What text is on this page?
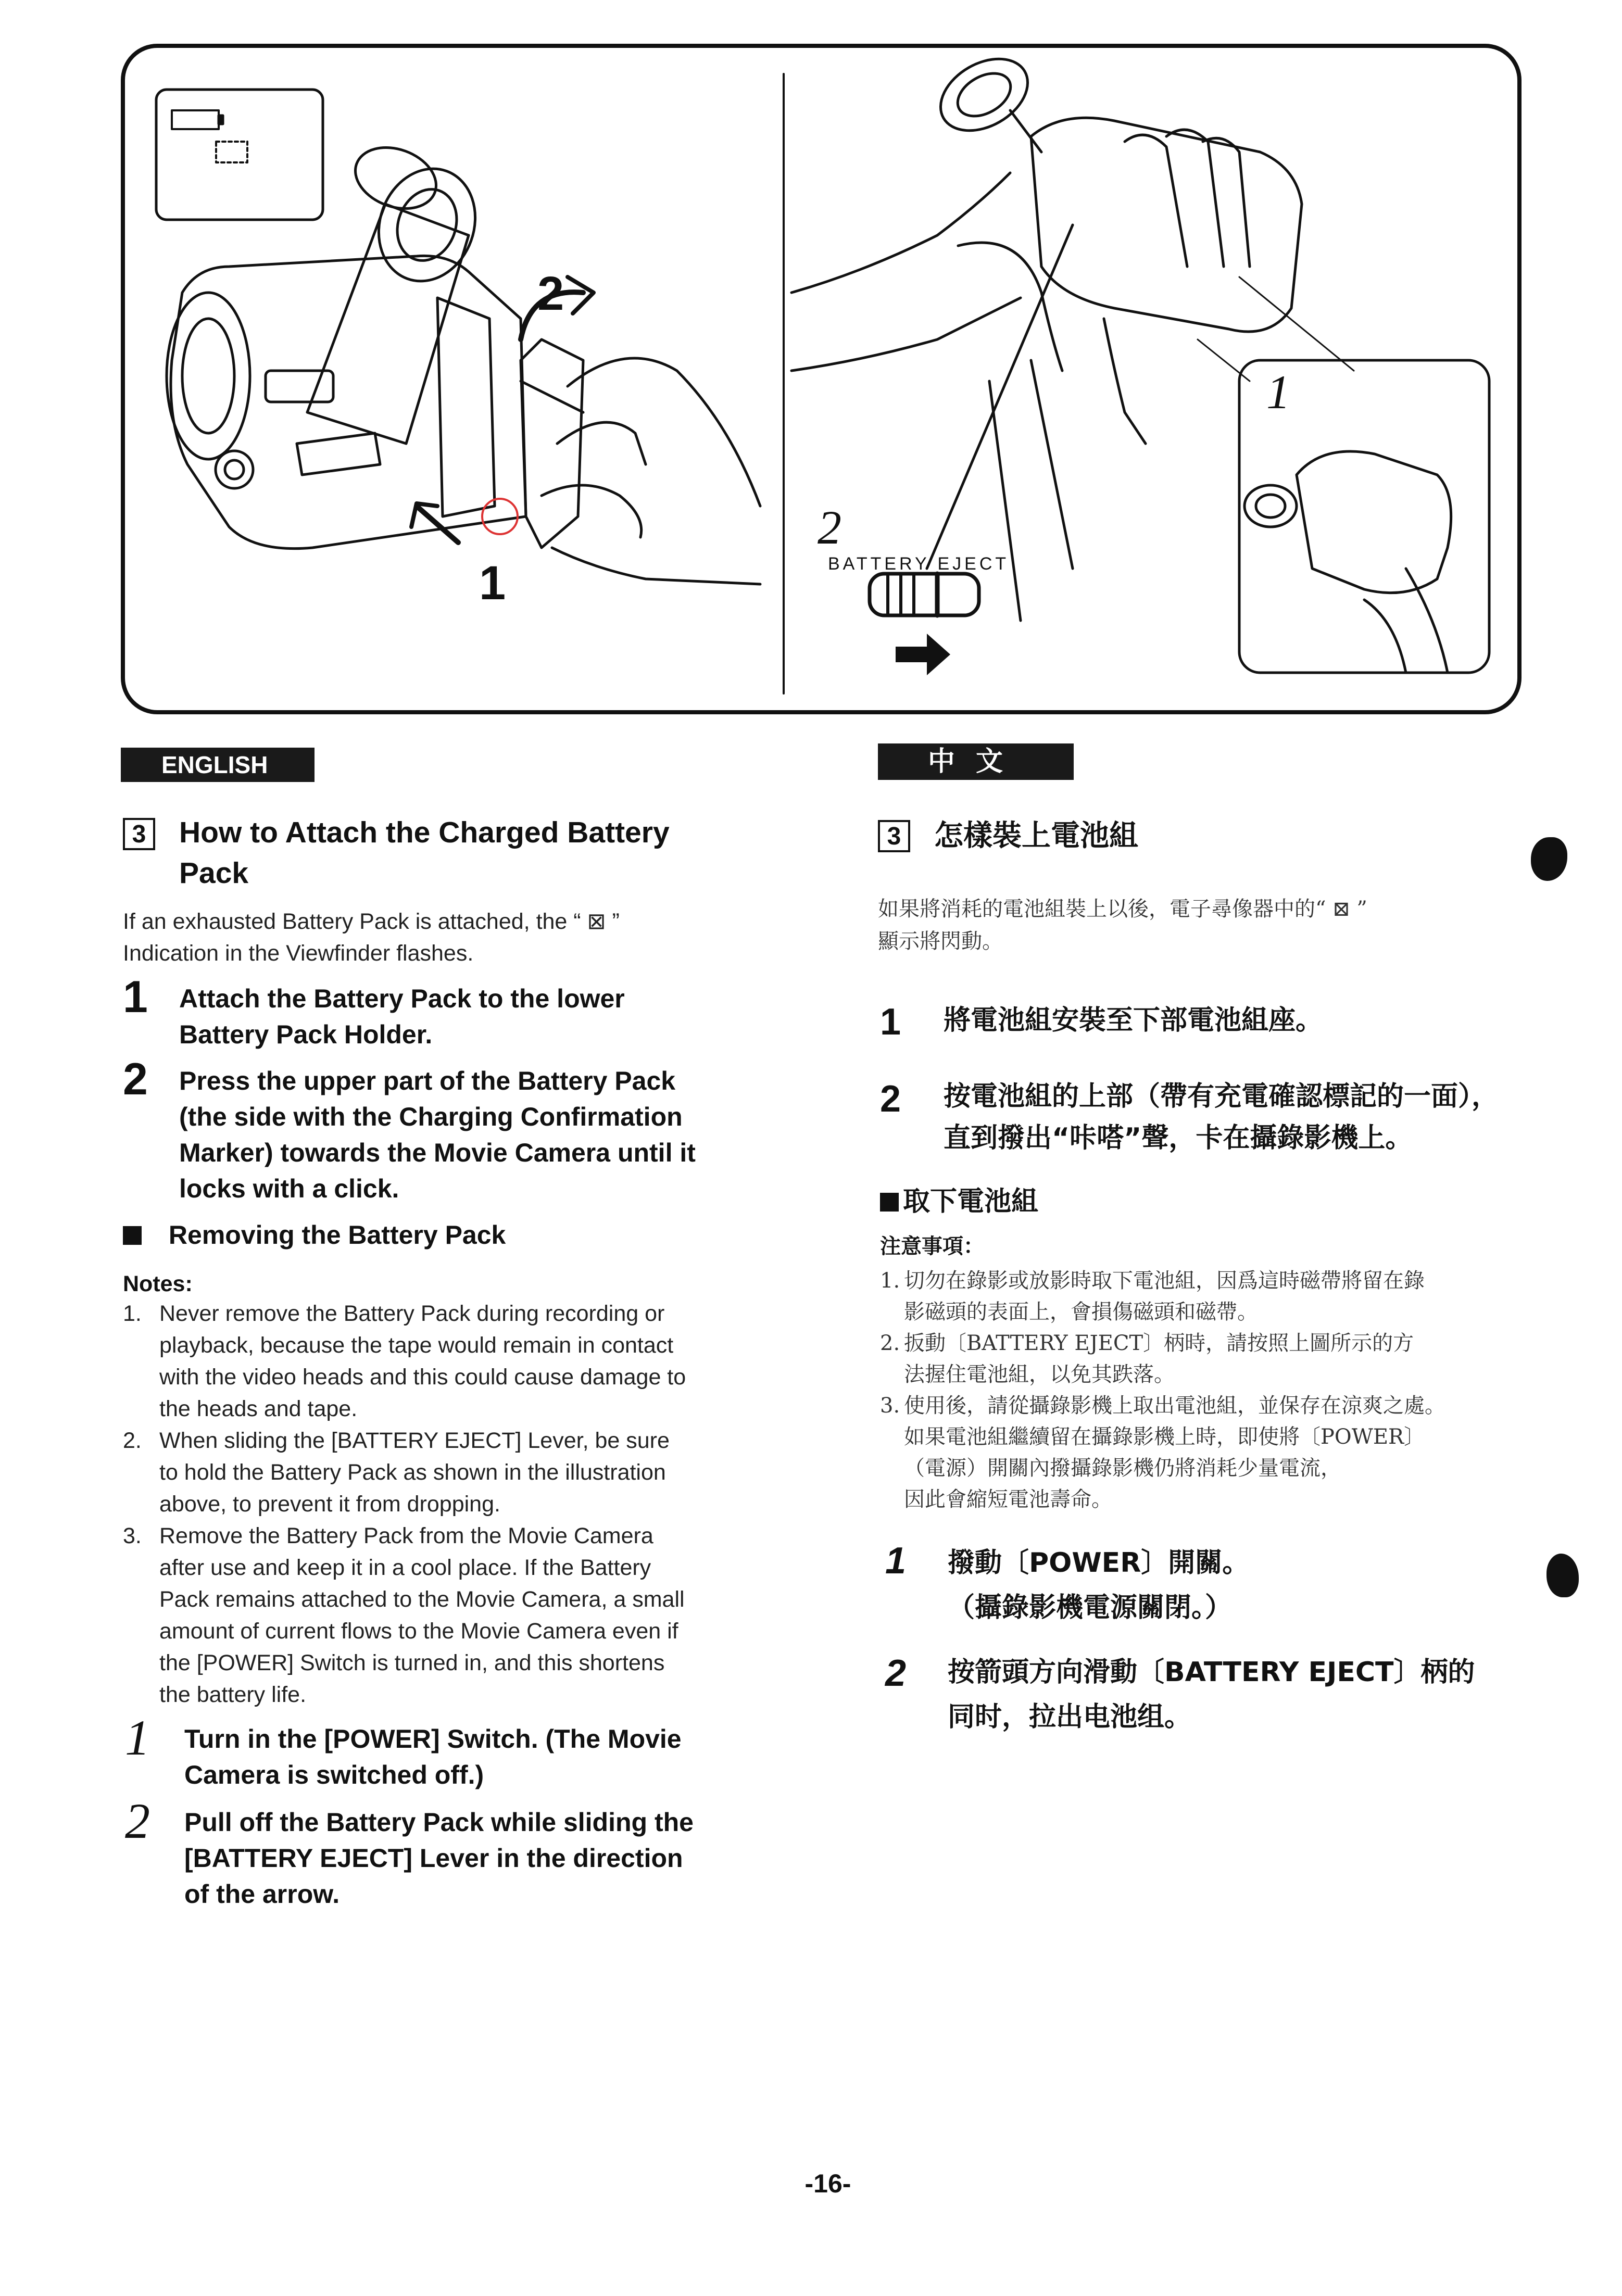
2
1
1
2
BATTERY EJECT
ENGLISH
3	How to Attach the Charged Battery
Pack
If an exhausted Battery Pack is attached, the “ ⊠ ”
Indication in the Viewfinder flashes.
1 Attach the Battery Pack to the lower
Battery Pack Holder.
2 Press the upper part of the Battery Pack
(the side with the Charging Confirmation
Marker) towards the Movie Camera until it
locks with a click.
Removing the Battery Pack
Notes:
1. Never remove the Battery Pack during recording or
playback, because the tape would remain in contact
with the video heads and this could cause damage to
the heads and tape.
2. When sliding the [BATTERY EJECT] Lever, be sure
to hold the Battery Pack as shown in the illustration
above, to prevent it from dropping.
3. Remove the Battery Pack from the Movie Camera
after use and keep it in a cool place. If the Battery
Pack remains attached to the Movie Camera, a small
amount of current flows to the Movie Camera even if
the [POWER] Switch is turned in, and this shortens
the battery life.
1 Turn in the [POWER] Switch. (The Movie
Camera is switched off.)
2 Pull off the Battery Pack while sliding the
[BATTERY EJECT] Lever in the direction
of the arrow.
中文
3	怎樣裝上電池組
如果將消耗的電池組裝上以後，電子尋像器中的“ ⊠ ”
顯示將閃動。
1 將電池組安裝至下部電池組座。
2 按電池組的上部（帶有充電確認標記的一面），
直到撥出“咔嗒”聲，卡在攝錄影機上。
取下電池組
注意事項：
1. 切勿在錄影或放影時取下電池組，因爲這時磁帶將留在錄
影磁頭的表面上，會損傷磁頭和磁帶。
2. 扳動〔BATTERY EJECT〕柄時，請按照上圖所示的方
法握住電池組，以免其跌落。
3. 使用後，請從攝錄影機上取出電池組，並保存在涼爽之處。
如果電池組繼續留在攝錄影機上時，即使將〔POWER〕
（電源）開關內撥攝錄影機仍將消耗少量電流，
因此會縮短電池壽命。
1 撥動〔POWER〕開關。
（攝錄影機電源關閉。）
2 按箭頭方向滑動〔BATTERY EJECT〕柄的
同时，拉出电池组。
-16-
